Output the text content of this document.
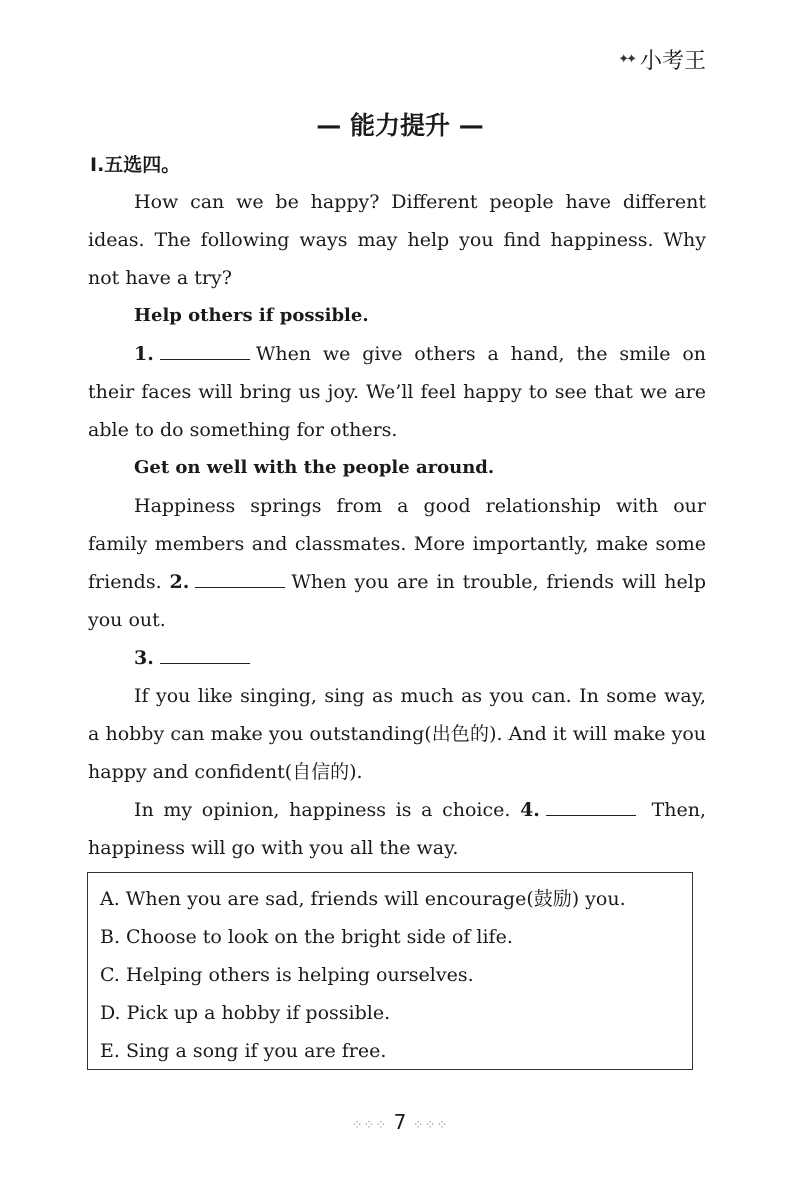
✦✦ 小考王
— 能力提升 —
Ⅰ.五选四。

How can we be happy? Different people have different ideas. The following ways may help you find happiness. Why not have a try?

Help others if possible.

1.	When we give others a hand, the smile on their faces will bring us joy. We’ll feel happy to see that we are able to do something for others.

Get on well with the people around.

Happiness springs from a good relationship with our family members and classmates. More importantly, make some friends. 2.	When you are in trouble, friends will help you out.

3.

If you like singing, sing as much as you can. In some way, a hobby can make you outstanding(出色的). And it will make you happy and confident(自信的).

In my opinion, happiness is a choice. 4.	Then, happiness will go with you all the way.

A. When you are sad, friends will encourage(鼓励) you.
B. Choose to look on the bright side of life.
C. Helping others is helping ourselves.
D. Pick up a hobby if possible.
E. Sing a song if you are free.
⁘⁘⁘ 7 ⁘⁘⁘
